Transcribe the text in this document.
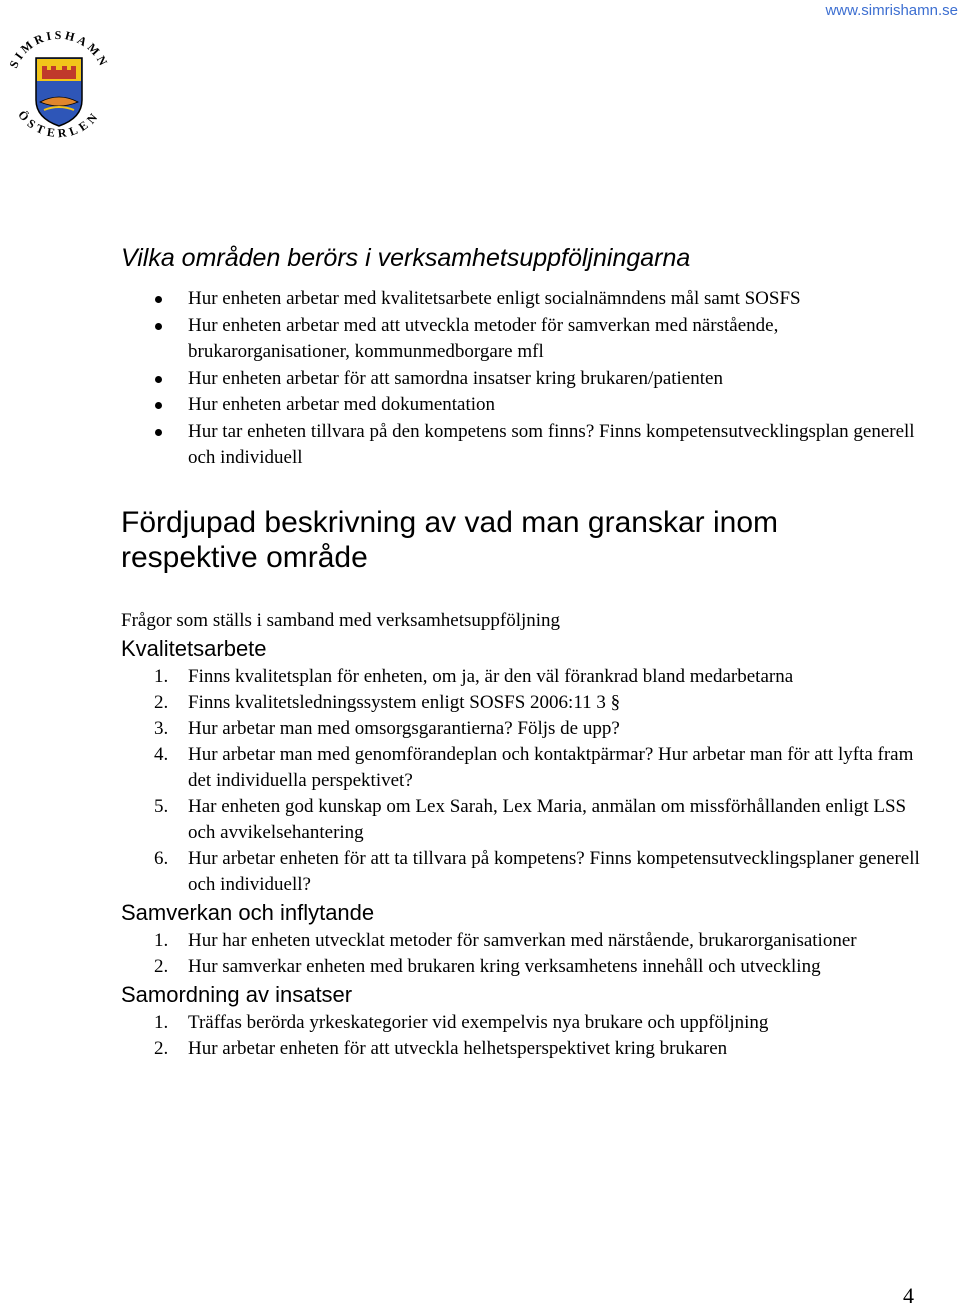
www.simrishamn.se
SIMRISHAMN
ÖSTERLEN
Vilka områden berörs i verksamhetsuppföljningarna
Hur enheten arbetar med kvalitetsarbete enligt socialnämndens mål samt SOSFS
Hur enheten arbetar med att utveckla metoder för samverkan med närstående, brukarorganisationer, kommunmedborgare mfl
Hur enheten arbetar för att samordna insatser kring brukaren/patienten
Hur enheten arbetar med dokumentation
Hur tar enheten tillvara på den kompetens som finns? Finns kompetensutvecklingsplan generell och individuell
Fördjupad beskrivning av vad man granskar inom respektive område
Frågor som ställs i samband med verksamhetsuppföljning
Kvalitetsarbete
1. Finns kvalitetsplan för enheten, om ja, är den väl förankrad bland medarbetarna
2. Finns kvalitetsledningssystem enligt SOSFS 2006:11 3 §
3. Hur arbetar man med omsorgsgarantierna? Följs de upp?
4. Hur arbetar man med genomförandeplan och kontaktpärmar? Hur arbetar man för att lyfta fram det individuella perspektivet?
5. Har enheten god kunskap om Lex Sarah, Lex Maria, anmälan om missförhållanden enligt LSS och avvikelsehantering
6. Hur arbetar enheten för att ta tillvara på kompetens? Finns kompetensutvecklingsplaner generell och individuell?
Samverkan och inflytande
1. Hur har enheten utvecklat metoder för samverkan med närstående, brukarorganisationer
2. Hur samverkar enheten med brukaren kring verksamhetens innehåll och utveckling
Samordning av insatser
1. Träffas berörda yrkeskategorier vid exempelvis nya brukare och uppföljning
2. Hur arbetar enheten för att utveckla helhetsperspektivet kring brukaren
4
